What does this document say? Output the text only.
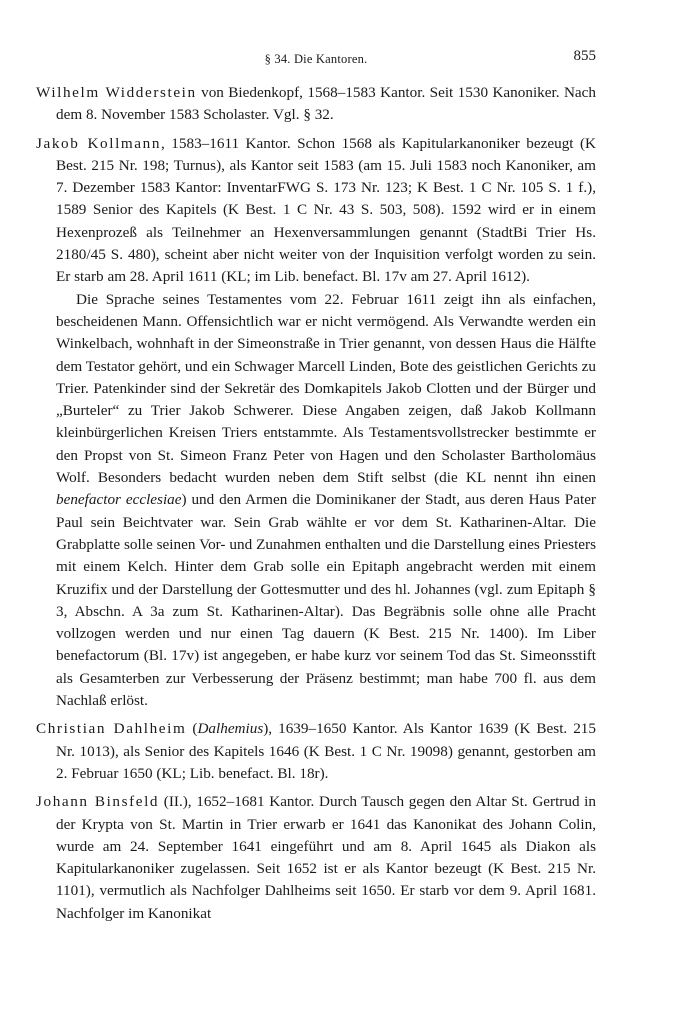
§ 34. Die Kantoren.	855

Wilhelm Widderstein von Biedenkopf, 1568–1583 Kantor. Seit 1530 Kanoniker. Nach dem 8. November 1583 Scholaster. Vgl. § 32.

Jakob Kollmann, 1583–1611 Kantor. Schon 1568 als Kapitularkanoniker bezeugt (K Best. 215 Nr. 198; Turnus), als Kantor seit 1583 (am 15. Juli 1583 noch Kanoniker, am 7. Dezember 1583 Kantor: InventarFWG S. 173 Nr. 123; K Best. 1 C Nr. 105 S. 1 f.), 1589 Senior des Kapitels (K Best. 1 C Nr. 43 S. 503, 508). 1592 wird er in einem Hexenprozeß als Teilnehmer an Hexenversammlungen genannt (StadtBi Trier Hs. 2180/45 S. 480), scheint aber nicht weiter von der Inquisition verfolgt worden zu sein. Er starb am 28. April 1611 (KL; im Lib. benefact. Bl. 17v am 27. April 1612).

Die Sprache seines Testamentes vom 22. Februar 1611 zeigt ihn als einfachen, bescheidenen Mann. Offensichtlich war er nicht vermögend. Als Verwandte werden ein Winkelbach, wohnhaft in der Simeonstraße in Trier genannt, von dessen Haus die Hälfte dem Testator gehört, und ein Schwager Marcell Linden, Bote des geistlichen Gerichts zu Trier. Patenkinder sind der Sekretär des Domkapitels Jakob Clotten und der Bürger und „Burteler“ zu Trier Jakob Schwerer. Diese Angaben zeigen, daß Jakob Kollmann kleinbürgerlichen Kreisen Triers entstammte. Als Testamentsvollstrecker bestimmte er den Propst von St. Simeon Franz Peter von Hagen und den Scholaster Bartholomäus Wolf. Besonders bedacht wurden neben dem Stift selbst (die KL nennt ihn einen benefactor ecclesiae) und den Armen die Dominikaner der Stadt, aus deren Haus Pater Paul sein Beichtvater war. Sein Grab wählte er vor dem St. Katharinen-Altar. Die Grabplatte solle seinen Vor- und Zunahmen enthalten und die Darstellung eines Priesters mit einem Kelch. Hinter dem Grab solle ein Epitaph angebracht werden mit einem Kruzifix und der Darstellung der Gottesmutter und des hl. Johannes (vgl. zum Epitaph § 3, Abschn. A 3a zum St. Katharinen-Altar). Das Begräbnis solle ohne alle Pracht vollzogen werden und nur einen Tag dauern (K Best. 215 Nr. 1400). Im Liber benefactorum (Bl. 17v) ist angegeben, er habe kurz vor seinem Tod das St. Simeonsstift als Gesamterben zur Verbesserung der Präsenz bestimmt; man habe 700 fl. aus dem Nachlaß erlöst.

Christian Dahlheim (Dalhemius), 1639–1650 Kantor. Als Kantor 1639 (K Best. 215 Nr. 1013), als Senior des Kapitels 1646 (K Best. 1 C Nr. 19098) genannt, gestorben am 2. Februar 1650 (KL; Lib. benefact. Bl. 18r).

Johann Binsfeld (II.), 1652–1681 Kantor. Durch Tausch gegen den Altar St. Gertrud in der Krypta von St. Martin in Trier erwarb er 1641 das Kanonikat des Johann Colin, wurde am 24. September 1641 eingeführt und am 8. April 1645 als Diakon als Kapitularkanoniker zugelassen. Seit 1652 ist er als Kantor bezeugt (K Best. 215 Nr. 1101), vermutlich als Nachfolger Dahlheims seit 1650. Er starb vor dem 9. April 1681. Nachfolger im Kanonikat
